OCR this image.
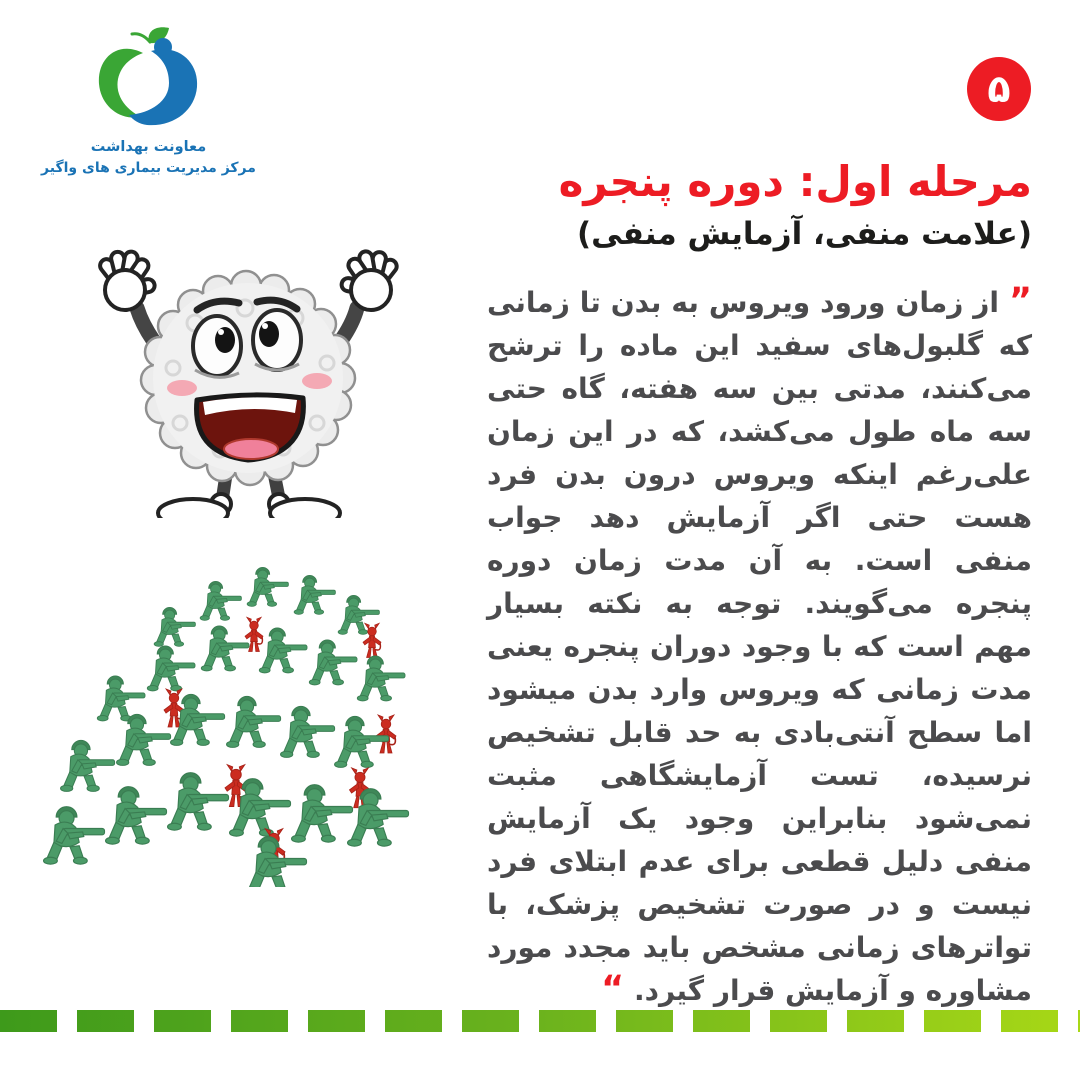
معاونت بهداشت
مرکز مدیریت بیماری های واگیر
۵
مرحله اول: دوره پنجره
(علامت منفی، آزمایش منفی)

” از زمان ورود ویروس به بدن تا زمانی که گلبول‌های سفید این ماده را ترشح می‌کنند، مدتی بین سه هفته، گاه حتی سه ماه طول می‌کشد، که در این زمان علی‌رغم اینکه ویروس درون بدن فرد هست حتی اگر آزمایش دهد جواب منفی است. به آن مدت زمان دوره پنجره می‌گویند. توجه به نکته بسیار مهم است که با وجود دوران پنجره یعنی مدت زمانی که ویروس وارد بدن میشود اما سطح آنتی‌بادی به حد قابل تشخیص نرسیده، تست آزمایشگاهی مثبت نمی‌شود بنابراین وجود یک آزمایش منفی دلیل قطعی برای عدم ابتلای فرد نیست و در صورت تشخیص پزشک، با تواترهای زمانی مشخص باید مجدد مورد مشاوره و آزمایش قرار گیرد. “
